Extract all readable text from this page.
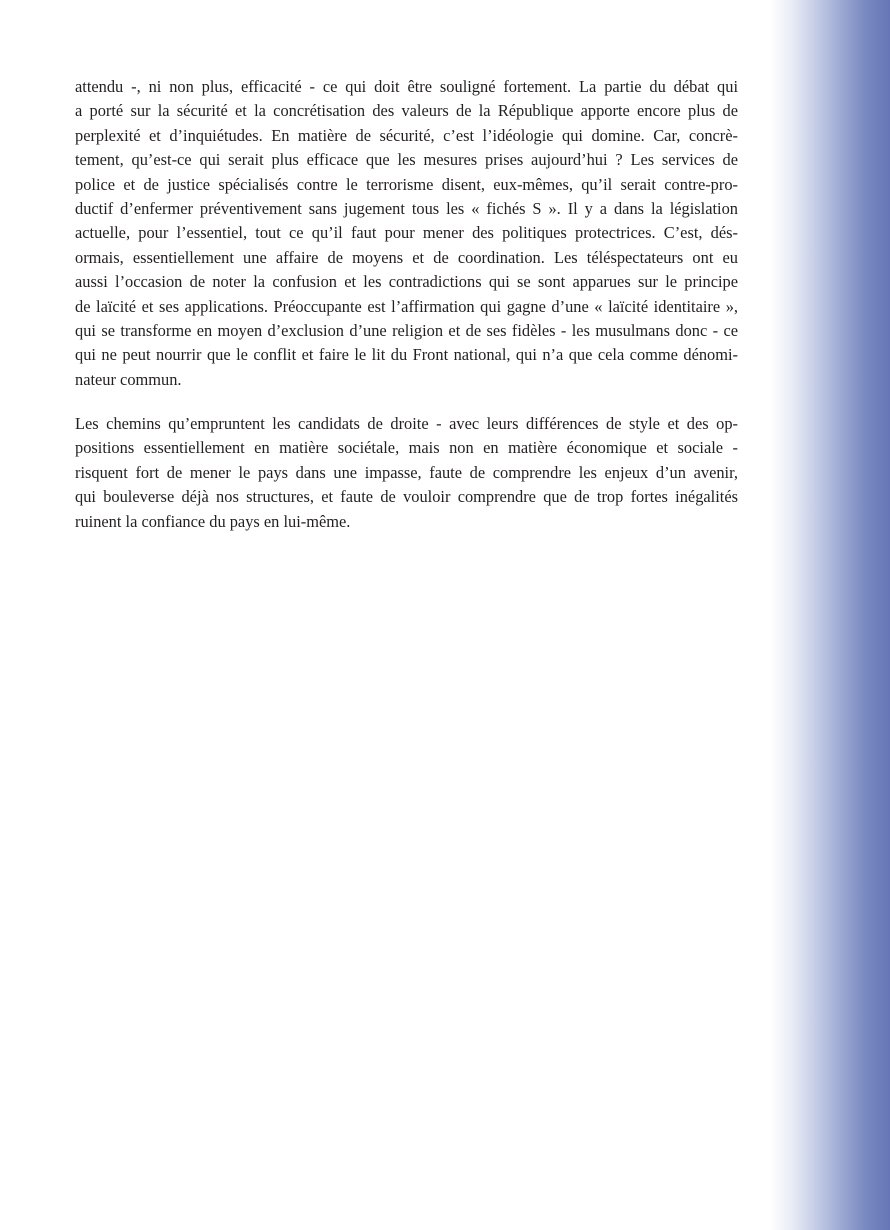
attendu -, ni non plus, efficacité - ce qui doit être souligné fortement. La partie du débat qui
a porté sur la sécurité et la concrétisation des valeurs de la République apporte encore plus de
perplexité et d’inquiétudes. En matière de sécurité, c’est l’idéologie qui domine. Car, concrè-
tement, qu’est-ce qui serait plus efficace que les mesures prises aujourd’hui ? Les services de
police et de justice spécialisés contre le terrorisme disent, eux-mêmes, qu’il serait contre-pro-
ductif d’enfermer préventivement sans jugement tous les « fichés S ». Il y a dans la législation
actuelle, pour l’essentiel, tout ce qu’il faut pour mener des politiques protectrices. C’est, dés-
ormais, essentiellement une affaire de moyens et de coordination. Les téléspectateurs ont eu
aussi l’occasion de noter la confusion et les contradictions qui se sont apparues sur le principe
de laïcité et ses applications. Préoccupante est l’affirmation qui gagne d’une « laïcité identitaire »,
qui se transforme en moyen d’exclusion d’une religion et de ses fidèles - les musulmans donc - ce
qui ne peut nourrir que le conflit et faire le lit du Front national, qui n’a que cela comme dénomi-
nateur commun.

Les chemins qu’empruntent les candidats de droite - avec leurs différences de style et des op-
positions essentiellement en matière sociétale, mais non en matière économique et sociale -
risquent fort de mener le pays dans une impasse, faute de comprendre les enjeux d’un avenir,
qui bouleverse déjà nos structures, et faute de vouloir comprendre que de trop fortes inégalités
ruinent la confiance du pays en lui-même.
